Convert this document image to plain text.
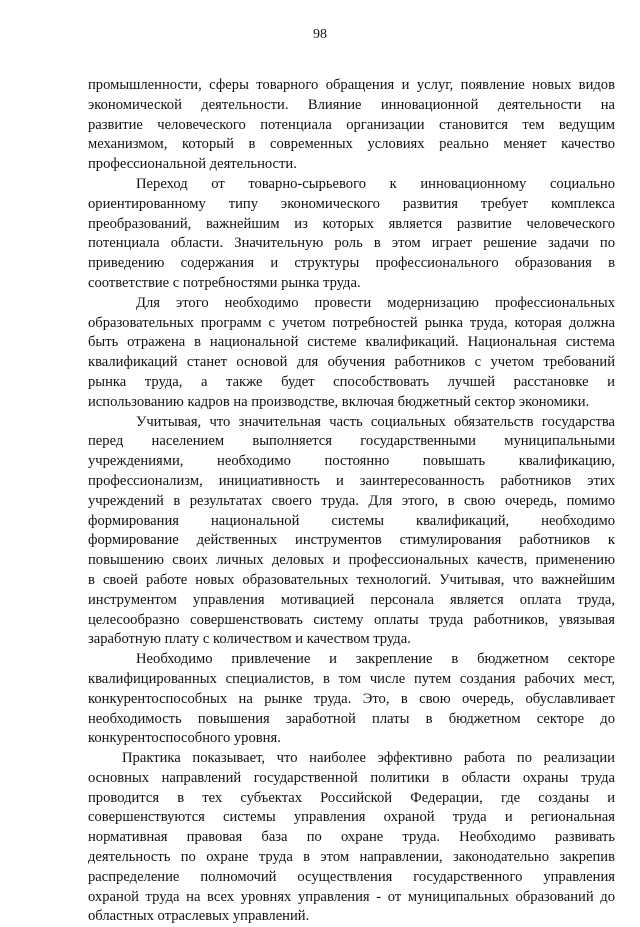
98
промышленности, сферы товарного обращения и услуг, появление новых видов
экономической деятельности. Влияние инновационной деятельности на
развитие человеческого потенциала организации становится тем ведущим
механизмом, который в современных условиях реально меняет качество
профессиональной деятельности.
Переход от товарно-сырьевого к инновационному социально
ориентированному типу экономического развития требует комплекса
преобразований, важнейшим из которых является развитие человеческого
потенциала области. Значительную роль в этом играет решение задачи по
приведению содержания и структуры профессионального образования в
соответствие с потребностями рынка труда.
Для этого необходимо провести модернизацию профессиональных
образовательных программ с учетом потребностей рынка труда, которая должна
быть отражена в национальной системе квалификаций. Национальная система
квалификаций станет основой для обучения работников с учетом требований
рынка труда, а также будет способствовать лучшей расстановке и
использованию кадров на производстве, включая бюджетный сектор экономики.
Учитывая, что значительная часть социальных обязательств государства
перед населением выполняется государственными муниципальными
учреждениями, необходимо постоянно повышать квалификацию,
профессионализм, инициативность и заинтересованность работников этих
учреждений в результатах своего труда. Для этого, в свою очередь, помимо
формирования национальной системы квалификаций, необходимо
формирование действенных инструментов стимулирования работников к
повышению своих личных деловых и профессиональных качеств, применению
в своей работе новых образовательных технологий. Учитывая, что важнейшим
инструментом управления мотивацией персонала является оплата труда,
целесообразно совершенствовать систему оплаты труда работников, увязывая
заработную плату с количеством и качеством труда.
Необходимо привлечение и закрепление в бюджетном секторе
квалифицированных специалистов, в том числе путем создания рабочих мест,
конкурентоспособных на рынке труда. Это, в свою очередь, обуславливает
необходимость повышения заработной платы в бюджетном секторе до
конкурентоспособного уровня.
Практика показывает, что наиболее эффективно работа по реализации
основных направлений государственной политики в области охраны труда
проводится в тех субъектах Российской Федерации, где созданы и
совершенствуются системы управления охраной труда и региональная
нормативная правовая база по охране труда. Необходимо развивать
деятельность по охране труда в этом направлении, законодательно закрепив
распределение полномочий осуществления государственного управления
охраной труда на всех уровнях управления - от муниципальных образований до
областных отраслевых управлений.
